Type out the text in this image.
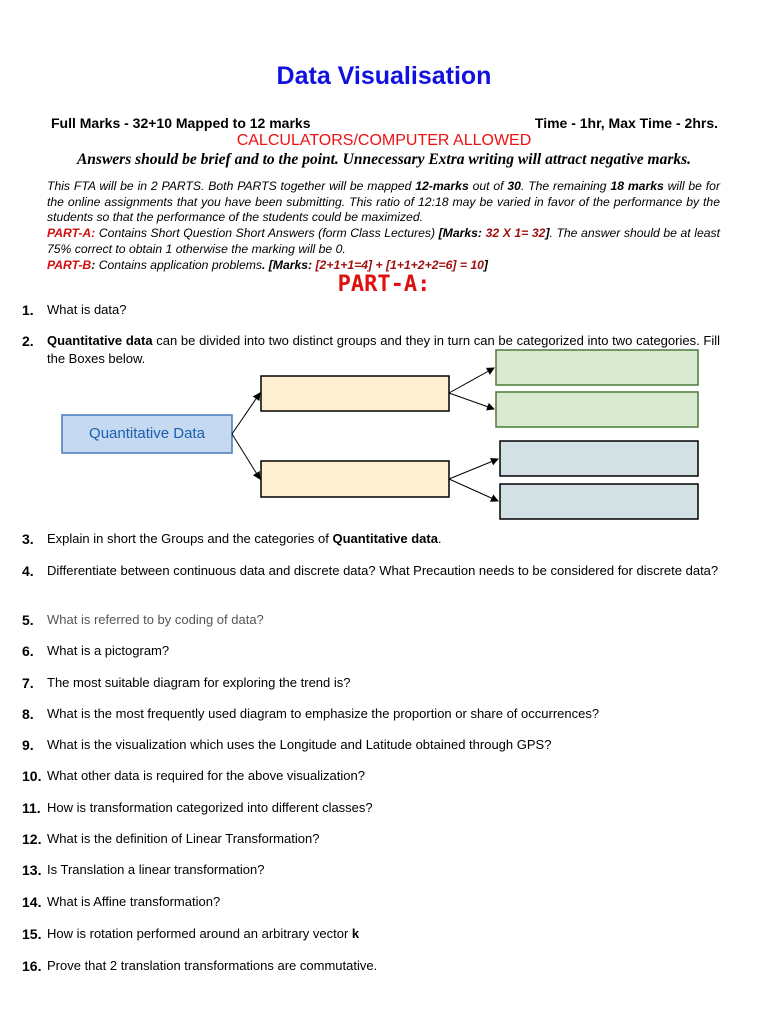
Data Visualisation
Full Marks - 32+10 Mapped to 12 marks	Time - 1hr, Max Time - 2hrs.
CALCULATORS/COMPUTER ALLOWED
Answers should be brief and to the point. Unnecessary Extra writing will attract negative marks.
This FTA will be in 2 PARTS. Both PARTS together will be mapped 12-marks out of 30. The remaining 18 marks will be for the online assignments that you have been submitting. This ratio of 12:18 may be varied in favor of the performance by the students so that the performance of the students could be maximized.
PART-A: Contains Short Question Short Answers (form Class Lectures) [Marks: 32 X 1= 32]. The answer should be at least 75% correct to obtain 1 otherwise the marking will be 0.
PART-B: Contains application problems. [Marks: [2+1+1=4] + [1+1+2+2=6] = 10]
PART-A:
Quantitative Data
1. What is data?
2. Quantitative data can be divided into two distinct groups and they in turn can be categorized into two categories. Fill the Boxes below.
3. Explain in short the Groups and the categories of Quantitative data.
4. Differentiate between continuous data and discrete data? What Precaution needs to be considered for discrete data?
5. What is referred to by coding of data?
6. What is a pictogram?
7. The most suitable diagram for exploring the trend is?
8. What is the most frequently used diagram to emphasize the proportion or share of occurrences?
9. What is the visualization which uses the Longitude and Latitude obtained through GPS?
10. What other data is required for the above visualization?
11. How is transformation categorized into different classes?
12. What is the definition of Linear Transformation?
13. Is Translation a linear transformation?
14. What is Affine transformation?
15. How is rotation performed around an arbitrary vector k
16. Prove that 2 translation transformations are commutative.
